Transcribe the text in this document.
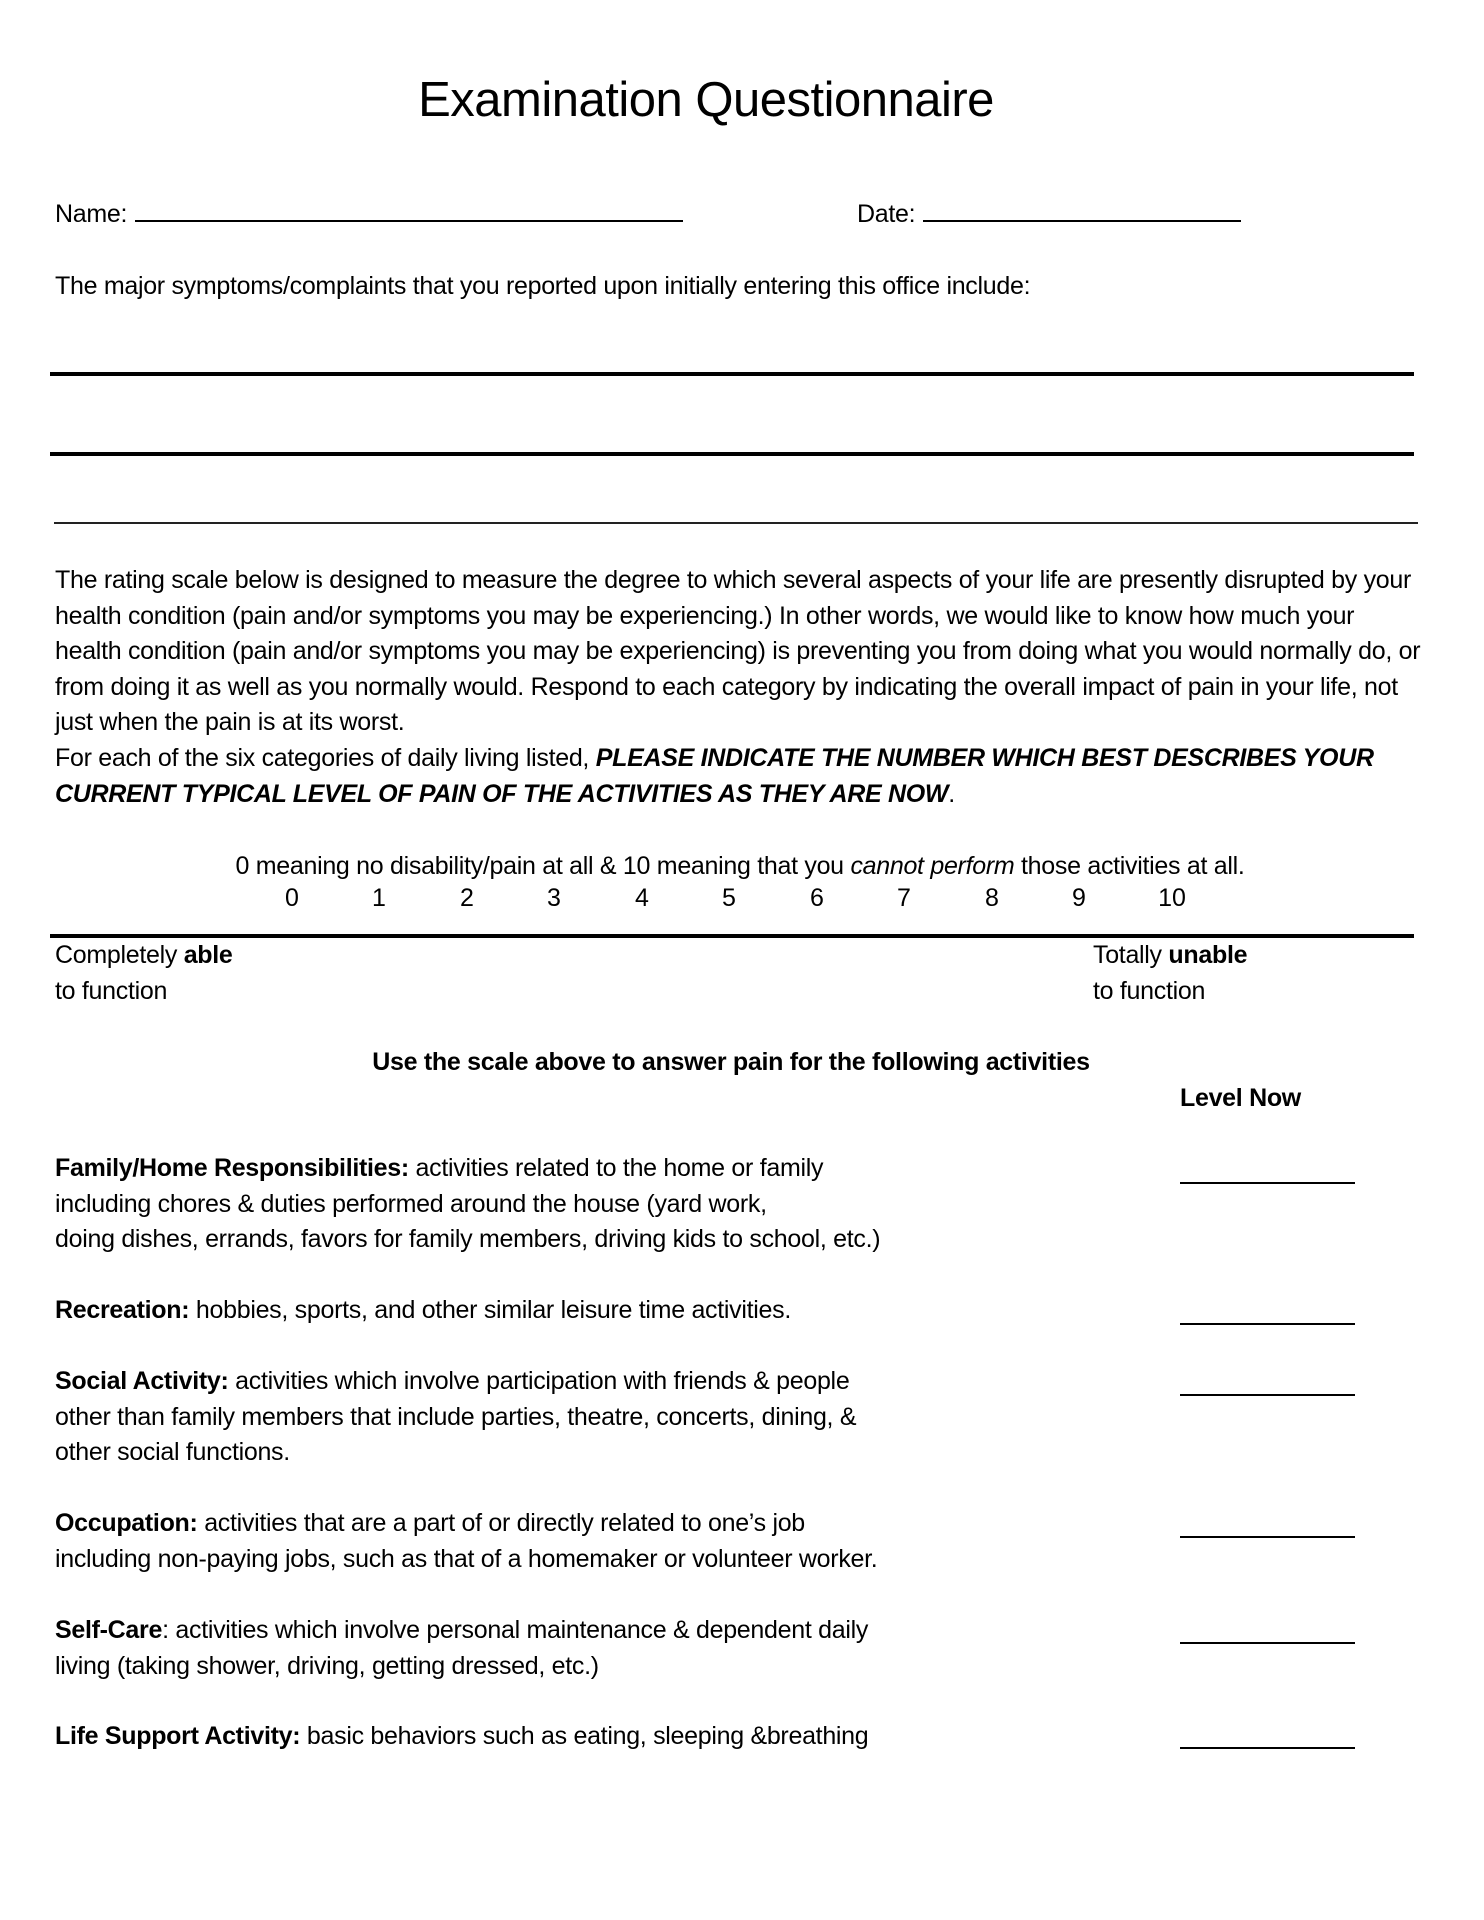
Examination Questionnaire
Name:	Date:
The major symptoms/complaints that you reported upon initially entering this office include:

The rating scale below is designed to measure the degree to which several aspects of your life are presently disrupted by your health condition (pain and/or symptoms you may be experiencing.) In other words, we would like to know how much your health condition (pain and/or symptoms you may be experiencing) is preventing you from doing what you would normally do, or from doing it as well as you normally would. Respond to each category by indicating the overall impact of pain in your life, not just when the pain is at its worst.

For each of the six categories of daily living listed, PLEASE INDICATE THE NUMBER WHICH BEST DESCRIBES YOUR CURRENT TYPICAL LEVEL OF PAIN OF THE ACTIVITIES AS THEY ARE NOW.

0 meaning no disability/pain at all & 10 meaning that you cannot perform those activities at all.
0	1	2	3	4	5	6	7	8	9	10
Completely able
to function
Totally unable
to function
Use the scale above to answer pain for the following activities
Level Now
Family/Home Responsibilities: activities related to the home or family
including chores & duties performed around the house (yard work,
doing dishes, errands, favors for family members, driving kids to school, etc.)
Recreation: hobbies, sports, and other similar leisure time activities.
Social Activity: activities which involve participation with friends & people
other than family members that include parties, theatre, concerts, dining, &
other social functions.
Occupation: activities that are a part of or directly related to one’s job
including non-paying jobs, such as that of a homemaker or volunteer worker.
Self-Care: activities which involve personal maintenance & dependent daily
living (taking shower, driving, getting dressed, etc.)
Life Support Activity: basic behaviors such as eating, sleeping &breathing
